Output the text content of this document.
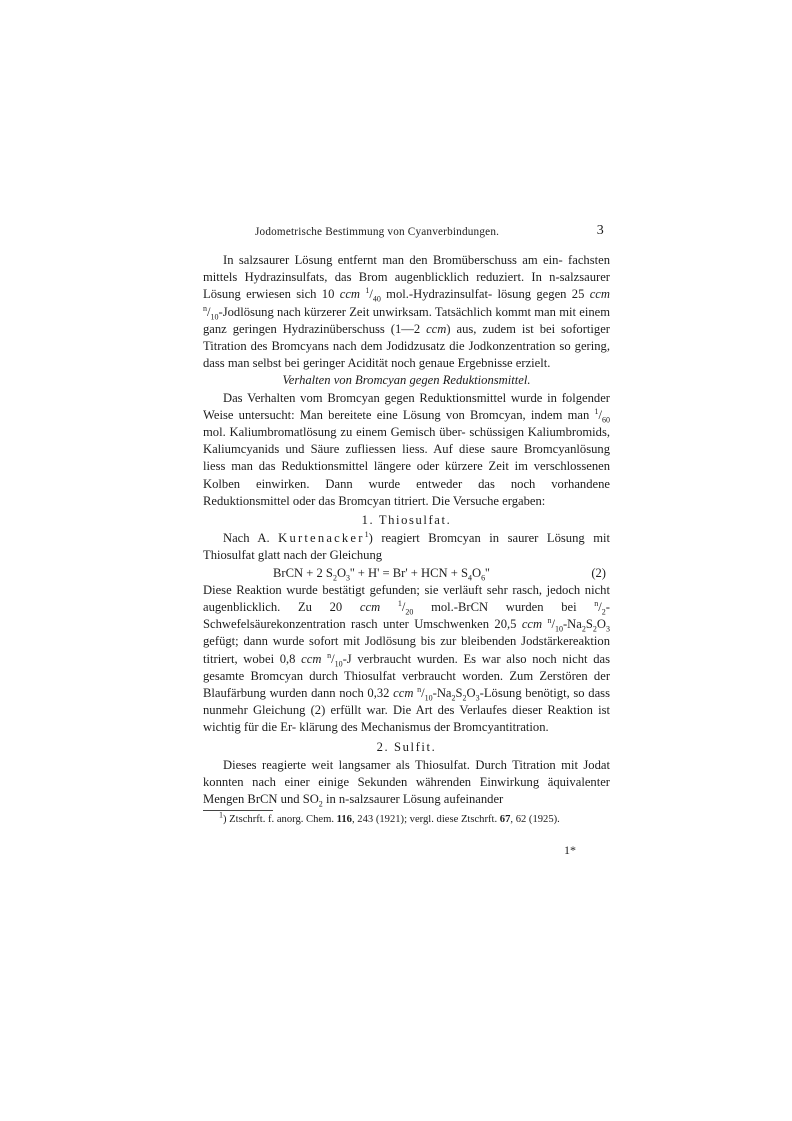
Jodometrische Bestimmung von Cyanverbindungen.	3

In salzsaurer Lösung entfernt man den Bromüberschuss am ein- fachsten mittels Hydrazinsulfats, das Brom augenblicklich reduziert. In n-salzsaurer Lösung erwiesen sich 10 ccm $^1/_{40}$ mol.-Hydrazinsulfat- lösung gegen 25 ccm $^n/_{10}$-Jodlösung nach kürzerer Zeit unwirksam. Tatsächlich kommt man mit einem ganz geringen Hydrazinüberschuss (1—2 ccm) aus, zudem ist bei sofortiger Titration des Bromcyans nach dem Jodidzusatz die Jodkonzentration so gering, dass man selbst bei geringer Acidität noch genaue Ergebnisse erzielt.

Verhalten von Bromcyan gegen Reduktionsmittel.

Das Verhalten vom Bromcyan gegen Reduktionsmittel wurde in folgender Weise untersucht: Man bereitete eine Lösung von Bromcyan, indem man $^1/_{60}$ mol. Kaliumbromatlösung zu einem Gemisch über- schüssigen Kaliumbromids, Kaliumcyanids und Säure zufliessen liess. Auf diese saure Bromcyanlösung liess man das Reduktionsmittel längere oder kürzere Zeit im verschlossenen Kolben einwirken. Dann wurde entweder das noch vorhandene Reduktionsmittel oder das Bromcyan titriert. Die Versuche ergaben:

1. Thiosulfat.

Nach A. Kurtenacker$^1$) reagiert Bromcyan in saurer Lösung mit Thiosulfat glatt nach der Gleichung

BrCN + 2 $S_2O_3'' + H' = Br'$ + HCN + $S_4O_6''$	(2)

Diese Reaktion wurde bestätigt gefunden; sie verläuft sehr rasch, jedoch nicht augenblicklich. Zu 20 ccm $^1/_{20}$ mol.-BrCN wurden bei $^n/_2$-Schwefelsäurekonzentration rasch unter Umschwenken 20,5 ccm $^n/_{10}-Na_2S_2O_3$ gefügt; dann wurde sofort mit Jodlösung bis zur bleibenden Jodstärkereaktion titriert, wobei 0,8 ccm $^n/_{10}-J$ verbraucht wurden. Es war also noch nicht das gesamte Bromcyan durch Thiosulfat verbraucht worden. Zum Zerstören der Blaufärbung wurden dann noch 0,32 ccm $^n/_{10}-Na_2S_2O_3$-Lösung benötigt, so dass nunmehr Gleichung (2) erfüllt war. Die Art des Verlaufes dieser Reaktion ist wichtig für die Er- klärung des Mechanismus der Bromcyantitration.

2. Sulfit.

Dieses reagierte weit langsamer als Thiosulfat. Durch Titration mit Jodat konnten nach einer einige Sekunden währenden Einwirkung äquivalenter Mengen BrCN und $SO_2$ in n-salzsaurer Lösung aufeinander

$^1$) Ztschrft. f. anorg. Chem. 116, 243 (1921); vergl. diese Ztschrft. 67, 62 (1925).

1*
